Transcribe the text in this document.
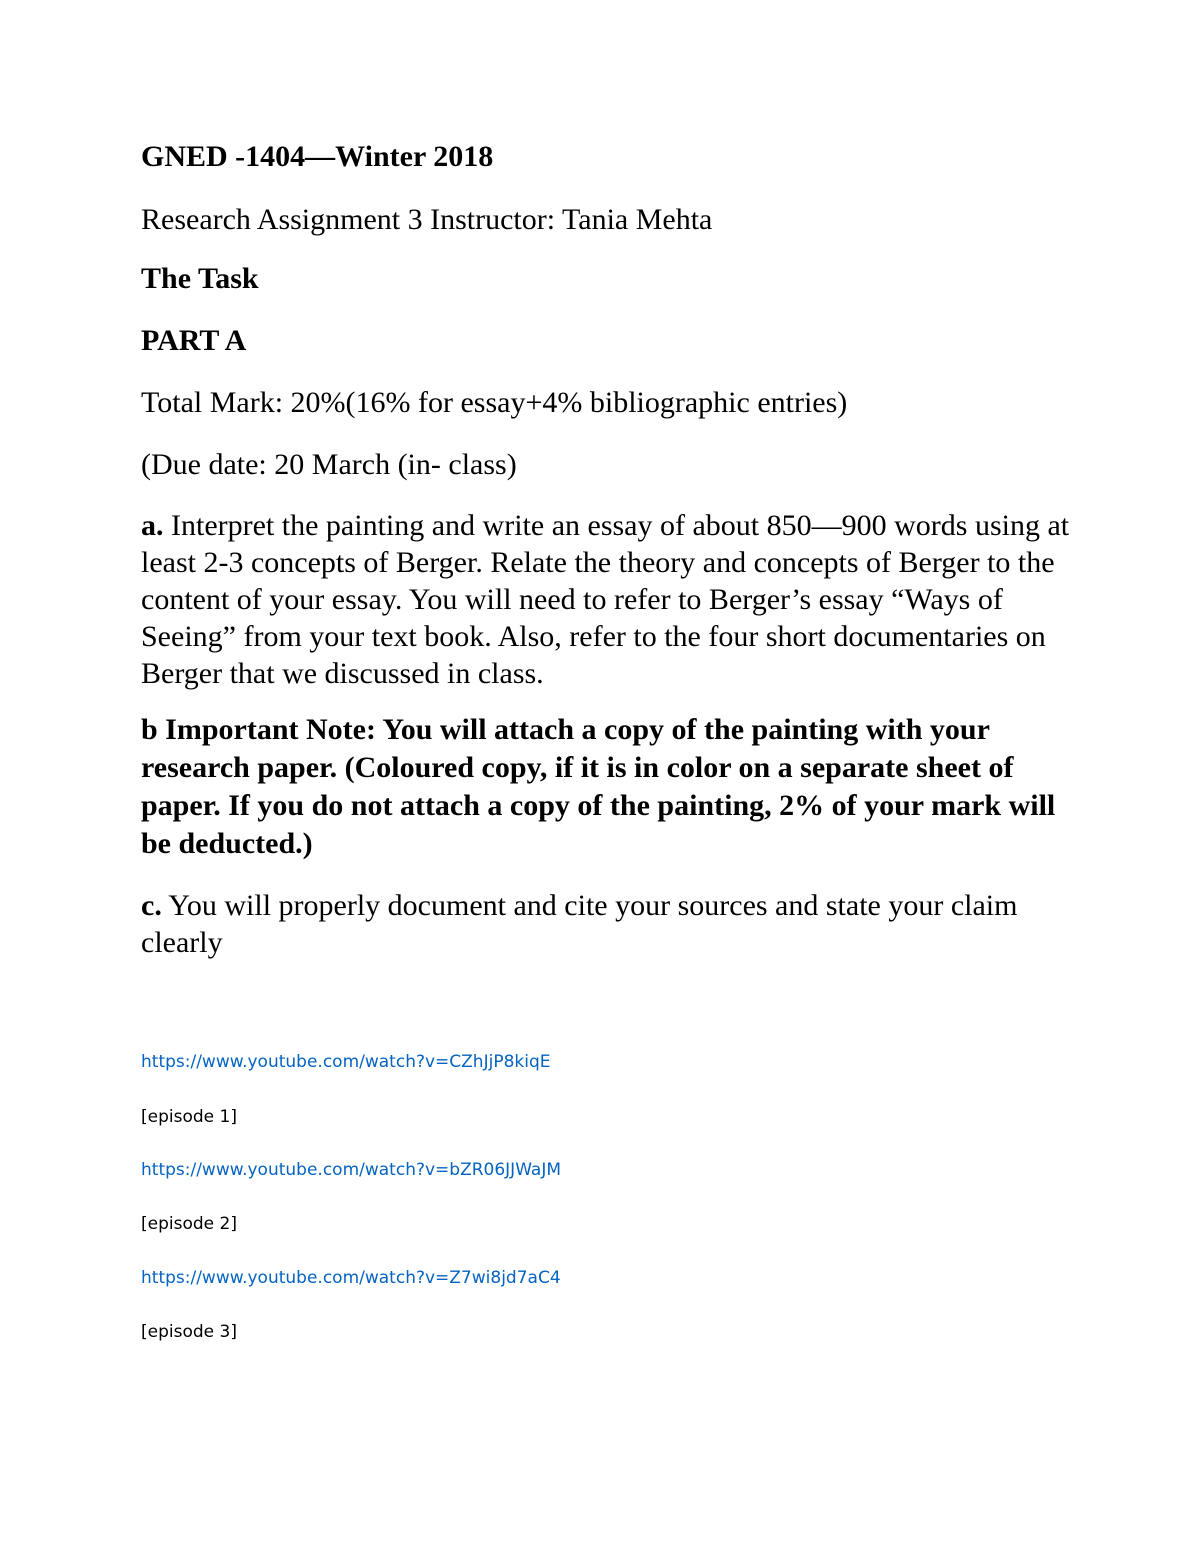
GNED -1404—Winter 2018

Research Assignment 3 Instructor: Tania Mehta

The Task

PART A

Total Mark: 20%(16% for essay+4% bibliographic entries)

(Due date: 20 March (in- class)

a. Interpret the painting and write an essay of about 850—900 words using at least 2-3 concepts of Berger. Relate the theory and concepts of Berger to the content of your essay. You will need to refer to Berger’s essay “Ways of Seeing” from your text book. Also, refer to the four short documentaries on Berger that we discussed in class.

b Important Note: You will attach a copy of the painting with your research paper. (Coloured copy, if it is in color on a separate sheet of paper. If you do not attach a copy of the painting, 2% of your mark will be deducted.)

c. You will properly document and cite your sources and state your claim clearly

https://www.youtube.com/watch?v=CZhJjP8kiqE
[episode 1]
https://www.youtube.com/watch?v=bZR06JJWaJM
[episode 2]
https://www.youtube.com/watch?v=Z7wi8jd7aC4
[episode 3]
